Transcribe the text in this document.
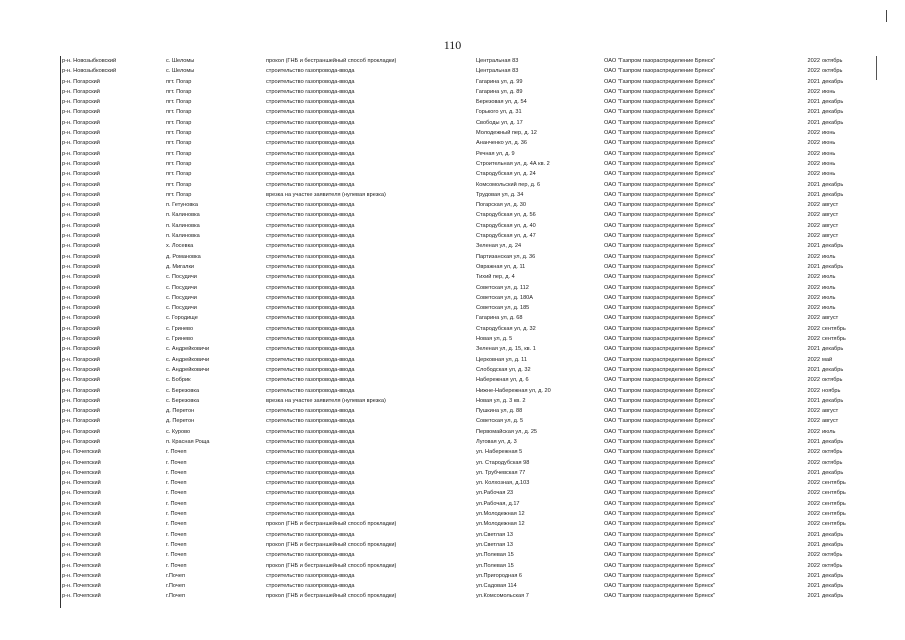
110
р-н. Новозыбковский	с. Шеломы	прокол (ГНБ и бестраншейный способ прокладки)	Центральная 83	ОАО "Газпром газораспределение Брянск"	2022	октябрь
р-н. Новозыбковский	с. Шеломы	строительство газопровода-ввода	Центральная 83	ОАО "Газпром газораспределение Брянск"	2022	октябрь
р-н. Погарский	пгт. Погар	строительство газопровода-ввода	Гагарина ул, д. 99	ОАО "Газпром газораспределение Брянск"	2021	декабрь
р-н. Погарский	пгт. Погар	строительство газопровода-ввода	Гагарина ул, д. 89	ОАО "Газпром газораспределение Брянск"	2022	июнь
р-н. Погарский	пгт. Погар	строительство газопровода-ввода	Березовая ул, д. 54	ОАО "Газпром газораспределение Брянск"	2021	декабрь
р-н. Погарский	пгт. Погар	строительство газопровода-ввода	Горького ул, д. 31	ОАО "Газпром газораспределение Брянск"	2021	декабрь
р-н. Погарский	пгт. Погар	строительство газопровода-ввода	Свободы ул, д. 17	ОАО "Газпром газораспределение Брянск"	2021	декабрь
р-н. Погарский	пгт. Погар	строительство газопровода-ввода	Молодежный пер, д. 12	ОАО "Газпром газораспределение Брянск"	2022	июнь
р-н. Погарский	пгт. Погар	строительство газопровода-ввода	Ананченко ул, д. 36	ОАО "Газпром газораспределение Брянск"	2022	июнь
р-н. Погарский	пгт. Погар	строительство газопровода-ввода	Речная ул, д. 9	ОАО "Газпром газораспределение Брянск"	2022	июнь
р-н. Погарский	пгт. Погар	строительство газопровода-ввода	Строительная ул, д. 4А кв. 2	ОАО "Газпром газораспределение Брянск"	2022	июнь
р-н. Погарский	пгт. Погар	строительство газопровода-ввода	Стародубская ул, д. 24	ОАО "Газпром газораспределение Брянск"	2022	июнь
р-н. Погарский	пгт. Погар	строительство газопровода-ввода	Комсомольский пер, д. 6	ОАО "Газпром газораспределение Брянск"	2021	декабрь
р-н. Погарский	пгт. Погар	врезка на участке заявителя (нулевая врезка)	Трудовая ул, д. 34	ОАО "Газпром газораспределение Брянск"	2021	декабрь
р-н. Погарский	п. Гетуновка	строительство газопровода-ввода	Погарская ул, д. 30	ОАО "Газпром газораспределение Брянск"	2022	август
р-н. Погарский	п. Калиновка	строительство газопровода-ввода	Стародубская ул, д. 56	ОАО "Газпром газораспределение Брянск"	2022	август
р-н. Погарский	п. Калиновка	строительство газопровода-ввода	Стародубская ул, д. 40	ОАО "Газпром газораспределение Брянск"	2022	август
р-н. Погарский	п. Калиновка	строительство газопровода-ввода	Стародубская ул, д. 47	ОАО "Газпром газораспределение Брянск"	2022	август
р-н. Погарский	х. Лосевка	строительство газопровода-ввода	Зеленая ул, д. 24	ОАО "Газпром газораспределение Брянск"	2021	декабрь
р-н. Погарский	д. Романовка	строительство газопровода-ввода	Партизанская ул, д. 36	ОАО "Газпром газораспределение Брянск"	2022	июль
р-н. Погарский	д. Мигалки	строительство газопровода-ввода	Овражная ул, д. 11	ОАО "Газпром газораспределение Брянск"	2021	декабрь
р-н. Погарский	с. Посудичи	строительство газопровода-ввода	Тихий пер, д. 4	ОАО "Газпром газораспределение Брянск"	2022	июль
р-н. Погарский	с. Посудичи	строительство газопровода-ввода	Советская ул, д. 112	ОАО "Газпром газораспределение Брянск"	2022	июль
р-н. Погарский	с. Посудичи	строительство газопровода-ввода	Советская ул, д. 180А	ОАО "Газпром газораспределение Брянск"	2022	июль
р-н. Погарский	с. Посудичи	строительство газопровода-ввода	Советская ул, д. 185	ОАО "Газпром газораспределение Брянск"	2022	июль
р-н. Погарский	с. Городище	строительство газопровода-ввода	Гагарина ул, д. 68	ОАО "Газпром газораспределение Брянск"	2022	август
р-н. Погарский	с. Гринево	строительство газопровода-ввода	Стародубская ул, д. 32	ОАО "Газпром газораспределение Брянск"	2022	сентябрь
р-н. Погарский	с. Гринево	строительство газопровода-ввода	Новая ул, д. 5	ОАО "Газпром газораспределение Брянск"	2022	сентябрь
р-н. Погарский	с. Андрейковичи	строительство газопровода-ввода	Зеленая ул, д. 15, кв. 1	ОАО "Газпром газораспределение Брянск"	2021	декабрь
р-н. Погарский	с. Андрейковичи	строительство газопровода-ввода	Церковная ул, д. 11	ОАО "Газпром газораспределение Брянск"	2022	май
р-н. Погарский	с. Андрейковичи	строительство газопровода-ввода	Слободская ул, д. 32	ОАО "Газпром газораспределение Брянск"	2021	декабрь
р-н. Погарский	с. Бобрик	строительство газопровода-ввода	Набережная ул, д. 6	ОАО "Газпром газораспределение Брянск"	2022	октябрь
р-н. Погарский	с. Березовка	строительство газопровода-ввода	Нижне-Набережная ул, д. 20	ОАО "Газпром газораспределение Брянск"	2022	ноябрь
р-н. Погарский	с. Березовка	врезка на участке заявителя (нулевая врезка)	Новая ул, д. 3 кв. 2	ОАО "Газпром газораспределение Брянск"	2021	декабрь
р-н. Погарский	д. Перетон	строительство газопровода-ввода	Пушкина ул, д. 88	ОАО "Газпром газораспределение Брянск"	2022	август
р-н. Погарский	д. Перетон	строительство газопровода-ввода	Советская ул, д. 5	ОАО "Газпром газораспределение Брянск"	2022	август
р-н. Погарский	с. Курово	строительство газопровода-ввода	Первомайская ул, д. 25	ОАО "Газпром газораспределение Брянск"	2022	июль
р-н. Погарский	п. Красная Роща	строительство газопровода-ввода	Луговая ул, д. 3	ОАО "Газпром газораспределение Брянск"	2021	декабрь
р-н. Почепский	г. Почеп	строительство газопровода-ввода	ул. Набережная 5	ОАО "Газпром газораспределение Брянск"	2022	октябрь
р-н. Почепский	г. Почеп	строительство газопровода-ввода	ул. Стародубская 98	ОАО "Газпром газораспределение Брянск"	2022	октябрь
р-н. Почепский	г. Почеп	строительство газопровода-ввода	ул. Трубчевская 77	ОАО "Газпром газораспределение Брянск"	2021	декабрь
р-н. Почепский	г. Почеп	строительство газопровода-ввода	ул. Колхозная, д.103	ОАО "Газпром газораспределение Брянск"	2022	сентябрь
р-н. Почепский	г. Почеп	строительство газопровода-ввода	ул.Рабочая 23	ОАО "Газпром газораспределение Брянск"	2022	сентябрь
р-н. Почепский	г. Почеп	строительство газопровода-ввода	ул.Рабочая, д.17	ОАО "Газпром газораспределение Брянск"	2022	сентябрь
р-н. Почепский	г. Почеп	строительство газопровода-ввода	ул.Молодежная 12	ОАО "Газпром газораспределение Брянск"	2022	сентябрь
р-н. Почепский	г. Почеп	прокол (ГНБ и бестраншейный способ прокладки)	ул.Молодежная 12	ОАО "Газпром газораспределение Брянск"	2022	сентябрь
р-н. Почепский	г. Почеп	строительство газопровода-ввода	ул.Светлая 13	ОАО "Газпром газораспределение Брянск"	2021	декабрь
р-н. Почепский	г. Почеп	прокол (ГНБ и бестраншейный способ прокладки)	ул.Светлая 13	ОАО "Газпром газораспределение Брянск"	2021	декабрь
р-н. Почепский	г. Почеп	строительство газопровода-ввода	ул.Полевая 15	ОАО "Газпром газораспределение Брянск"	2022	октябрь
р-н. Почепский	г. Почеп	прокол (ГНБ и бестраншейный способ прокладки)	ул.Полевая 15	ОАО "Газпром газораспределение Брянск"	2022	октябрь
р-н. Почепский	г.Почеп	строительство газопровода-ввода	ул.Пригородная 6	ОАО "Газпром газораспределение Брянск"	2021	декабрь
р-н. Почепский	г.Почеп	строительство газопровода-ввода	ул.Садовая 114	ОАО "Газпром газораспределение Брянск"	2021	декабрь
р-н. Почепский	г.Почеп	прокол (ГНБ и бестраншейный способ прокладки)	ул.Комсомольская 7	ОАО "Газпром газораспределение Брянск"	2021	декабрь
